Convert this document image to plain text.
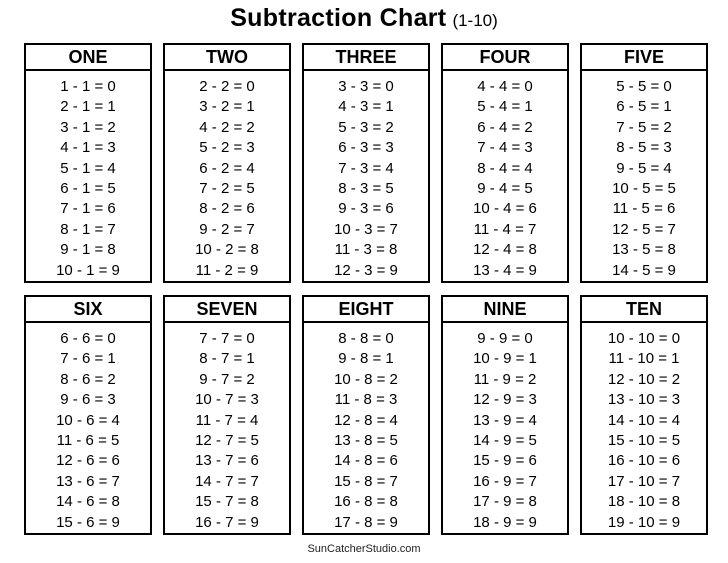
Subtraction Chart (1-10)
ONE
1 - 1 = 0
2 - 1 = 1
3 - 1 = 2
4 - 1 = 3
5 - 1 = 4
6 - 1 = 5
7 - 1 = 6
8 - 1 = 7
9 - 1 = 8
10 - 1 = 9
TWO
2 - 2 = 0
3 - 2 = 1
4 - 2 = 2
5 - 2 = 3
6 - 2 = 4
7 - 2 = 5
8 - 2 = 6
9 - 2 = 7
10 - 2 = 8
11 - 2 = 9
THREE
3 - 3 = 0
4 - 3 = 1
5 - 3 = 2
6 - 3 = 3
7 - 3 = 4
8 - 3 = 5
9 - 3 = 6
10 - 3 = 7
11 - 3 = 8
12 - 3 = 9
FOUR
4 - 4 = 0
5 - 4 = 1
6 - 4 = 2
7 - 4 = 3
8 - 4 = 4
9 - 4 = 5
10 - 4 = 6
11 - 4 = 7
12 - 4 = 8
13 - 4 = 9
FIVE
5 - 5 = 0
6 - 5 = 1
7 - 5 = 2
8 - 5 = 3
9 - 5 = 4
10 - 5 = 5
11 - 5 = 6
12 - 5 = 7
13 - 5 = 8
14 - 5 = 9
SIX
6 - 6 = 0
7 - 6 = 1
8 - 6 = 2
9 - 6 = 3
10 - 6 = 4
11 - 6 = 5
12 - 6 = 6
13 - 6 = 7
14 - 6 = 8
15 - 6 = 9
SEVEN
7 - 7 = 0
8 - 7 = 1
9 - 7 = 2
10 - 7 = 3
11 - 7 = 4
12 - 7 = 5
13 - 7 = 6
14 - 7 = 7
15 - 7 = 8
16 - 7 = 9
EIGHT
8 - 8 = 0
9 - 8 = 1
10 - 8 = 2
11 - 8 = 3
12 - 8 = 4
13 - 8 = 5
14 - 8 = 6
15 - 8 = 7
16 - 8 = 8
17 - 8 = 9
NINE
9 - 9 = 0
10 - 9 = 1
11 - 9 = 2
12 - 9 = 3
13 - 9 = 4
14 - 9 = 5
15 - 9 = 6
16 - 9 = 7
17 - 9 = 8
18 - 9 = 9
TEN
10 - 10 = 0
11 - 10 = 1
12 - 10 = 2
13 - 10 = 3
14 - 10 = 4
15 - 10 = 5
16 - 10 = 6
17 - 10 = 7
18 - 10 = 8
19 - 10 = 9
SunCatcherStudio.com
